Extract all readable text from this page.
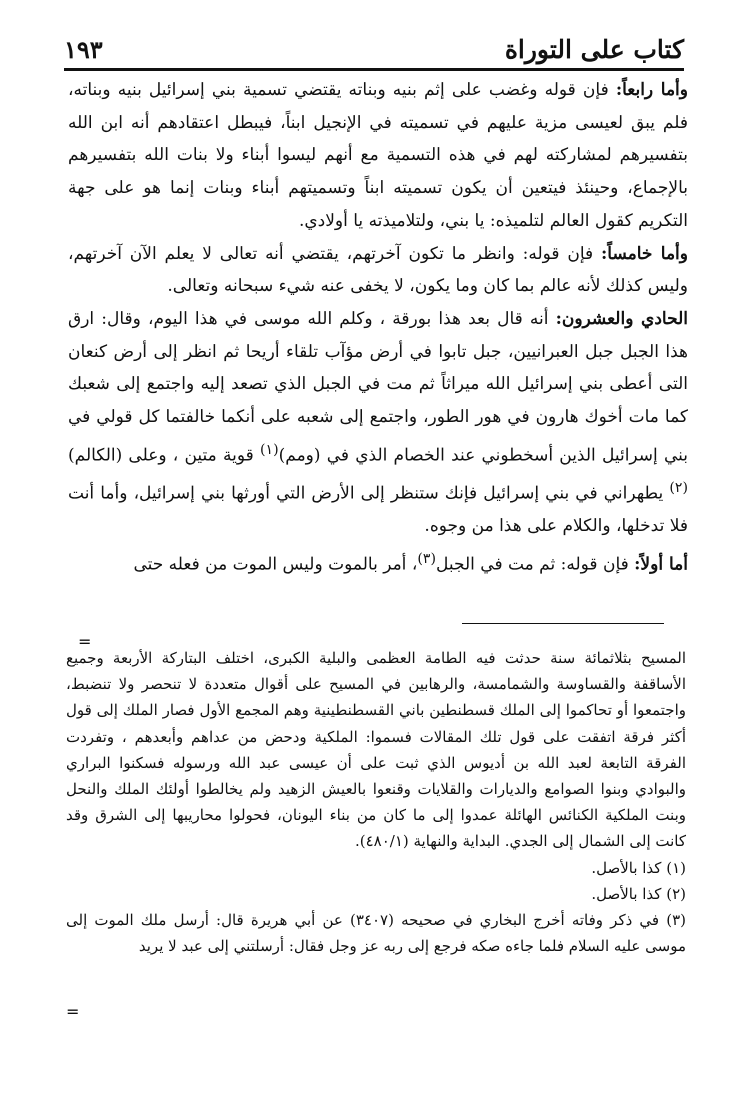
كتاب على التوراة
١٩٣

وأما رابعاً: فإن قوله وغضب على إثم بنيه وبناته يقتضي تسمية بني إسرائيل بنيه وبناته، فلم يبق لعيسى مزية عليهم في تسميته في الإنجيل ابناً، فيبطل اعتقادهم أنه ابن الله بتفسيرهم لمشاركته لهم في هذه التسمية مع أنهم ليسوا أبناء ولا بنات الله بتفسيرهم بالإجماع، وحينئذ فيتعين أن يكون تسميته ابناً وتسميتهم أبناء وبنات إنما هو على جهة التكريم كقول العالم لتلميذه: يا بني، ولتلاميذته يا أولادي.

وأما خامساً: فإن قوله: وانظر ما تكون آخرتهم، يقتضي أنه تعالى لا يعلم الآن آخرتهم، وليس كذلك لأنه عالم بما كان وما يكون، لا يخفى عنه شيء سبحانه وتعالى.

الحادي والعشرون: أنه قال بعد هذا بورقة ، وكلم الله موسى في هذا اليوم، وقال: ارق هذا الجبل جبل العبرانيين، جبل تابوا في أرض مؤآب تلقاء أريحا ثم انظر إلى أرض كنعان التى أعطى بني إسرائيل الله ميراثاً ثم مت في الجبل الذي تصعد إليه واجتمع إلى شعبك كما مات أخوك هارون في هور الطور، واجتمع إلى شعبه على أنكما خالفتما كل قولي في بني إسرائيل الذين أسخطوني عند الخصام الذي في (ومم)$^{(١)}$ قوية متين ، وعلى (الكالم)$^{(٢)}$ يطهراني في بني إسرائيل فإنك ستنظر إلى الأرض التي أورثها بني إسرائيل، وأما أنت فلا تدخلها، والكلام على هذا من وجوه.

أما أولاً: فإن قوله: ثم مت في الجبل$^{(٣)}$، أمر بالموت وليس الموت من فعله حتى

=

المسيح بثلاثمائة سنة حدثت فيه الطامة العظمى والبلية الكبرى، اختلف البتاركة الأربعة وجميع الأساقفة والقساوسة والشمامسة، والرهابين في المسيح على أقوال متعددة لا تنحصر ولا تنضبط، واجتمعوا أو تحاكموا إلى الملك قسطنطين باني القسطنطينية وهم المجمع الأول فصار الملك إلى قول أكثر فرقة اتفقت على قول تلك المقالات فسموا: الملكية ودحض من عداهم وأبعدهم ، وتفردت الفرقة التابعة لعبد الله بن أديوس الذي ثبت على أن عيسى عبد الله ورسوله فسكنوا البراري والبوادي وبنوا الصوامع والديارات والقلايات وقنعوا بالعيش الزهيد ولم يخالطوا أولئك الملك والنحل وبنت الملكية الكنائس الهائلة عمدوا إلى ما كان من بناء اليونان، فحولوا محاريبها إلى الشرق وقد كانت إلى الشمال إلى الجدي. البداية والنهاية (٤٨٠/١).

(١) كذا بالأصل.

(٢) كذا بالأصل.

(٣) في ذكر وفاته أخرج البخاري في صحيحه (٣٤٠٧) عن أبي هريرة قال: أرسل ملك الموت إلى موسى عليه السلام فلما جاءه صكه فرجع إلى ربه عز وجل فقال: أرسلتني إلى عبد لا يريد

=
